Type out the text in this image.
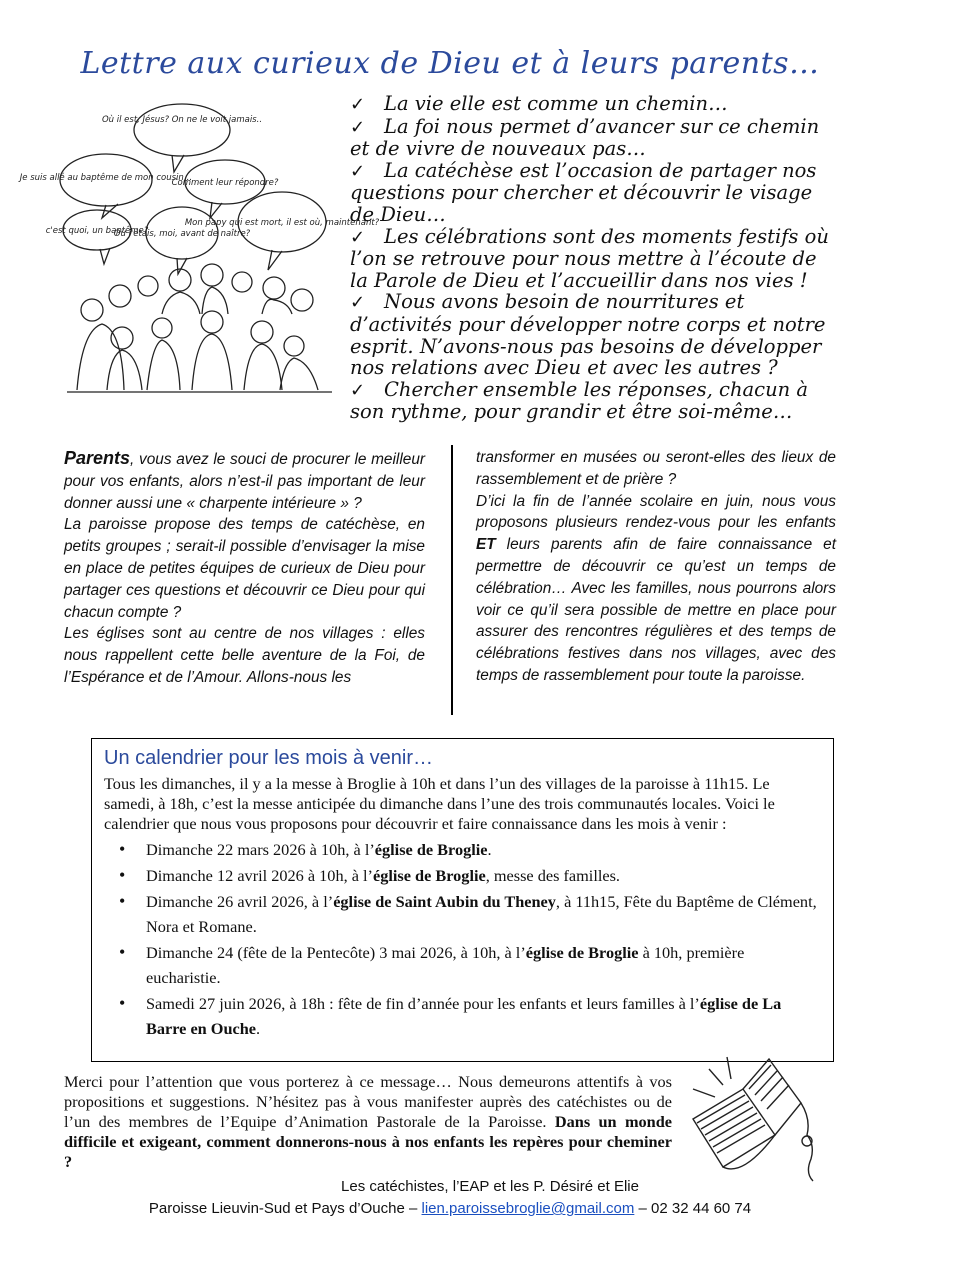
Lettre aux curieux de Dieu et à leurs parents…
Où il est, Jésus? On ne le voit jamais..
Je suis allé au baptême de mon cousin…
Comment leur répondre?
c'est quoi, un baptême?
Où j'étais, moi, avant de naître?
Mon papy qui est mort, il est où, maintenant?
✓ La vie elle est comme un chemin…
✓ La foi nous permet d’avancer sur ce chemin et de vivre de nouveaux pas…
✓ La catéchèse est l’occasion de partager nos questions pour chercher et découvrir le visage de Dieu…
✓ Les célébrations sont des moments festifs où l’on se retrouve pour nous mettre à l’écoute de la Parole de Dieu et l’accueillir dans nos vies !
✓ Nous avons besoin de nourritures et d’activités pour développer notre corps et notre esprit. N’avons-nous pas besoins de développer nos relations avec Dieu et avec les autres ?
✓ Chercher ensemble les réponses, chacun à son rythme, pour grandir et être soi-même…

Parents, vous avez le souci de procurer le meilleur pour vos enfants, alors n’est-il pas important de leur donner aussi une « charpente intérieure » ?

La paroisse propose des temps de catéchèse, en petits groupes ; serait-il possible d’envisager la mise en place de petites équipes de curieux de Dieu pour partager ces questions et découvrir ce Dieu pour qui chacun compte ?

Les églises sont au centre de nos villages : elles nous rappellent cette belle aventure de la Foi, de l’Espérance et de l’Amour. Allons-nous les

transformer en musées ou seront-elles des lieux de rassemblement et de prière ?

D’ici la fin de l’année scolaire en juin, nous vous proposons plusieurs rendez-vous pour les enfants ET leurs parents afin de faire connaissance et permettre de découvrir ce qu’est un temps de célébration… Avec les familles, nous pourrons alors voir ce qu’il sera possible de mettre en place pour assurer des rencontres régulières et des temps de célébrations festives dans nos villages, avec des temps de rassemblement pour toute la paroisse.

Un calendrier pour les mois à venir…
Tous les dimanches, il y a la messe à Broglie à 10h et dans l’un des villages de la paroisse à 11h15. Le samedi, à 18h, c’est la messe anticipée du dimanche dans l’une des trois communautés locales. Voici le calendrier que nous vous proposons pour découvrir et faire connaissance dans les mois à venir :
• Dimanche 22 mars 2026 à 10h, à l’église de Broglie.
• Dimanche 12 avril 2026 à 10h, à l’église de Broglie, messe des familles.
• Dimanche 26 avril 2026, à l’église de Saint Aubin du Theney, à 11h15, Fête du Baptême de Clément, Nora et Romane.
• Dimanche 24 (fête de la Pentecôte) 3 mai 2026, à 10h, à l’église de Broglie à 10h, première eucharistie.
• Samedi 27 juin 2026, à 18h : fête de fin d’année pour les enfants et leurs familles à l’église de La Barre en Ouche.
Merci pour l’attention que vous porterez à ce message… Nous demeurons attentifs à vos propositions et suggestions. N’hésitez pas à vous manifester auprès des catéchistes ou de l’un des membres de l’Equipe d’Animation Pastorale de la Paroisse. Dans un monde difficile et exigeant, comment donnerons-nous à nos enfants les repères pour cheminer ?
Les catéchistes, l’EAP et les P. Désiré et Elie
Paroisse Lieuvin-Sud et Pays d’Ouche – lien.paroissebroglie@gmail.com – 02 32 44 60 74
